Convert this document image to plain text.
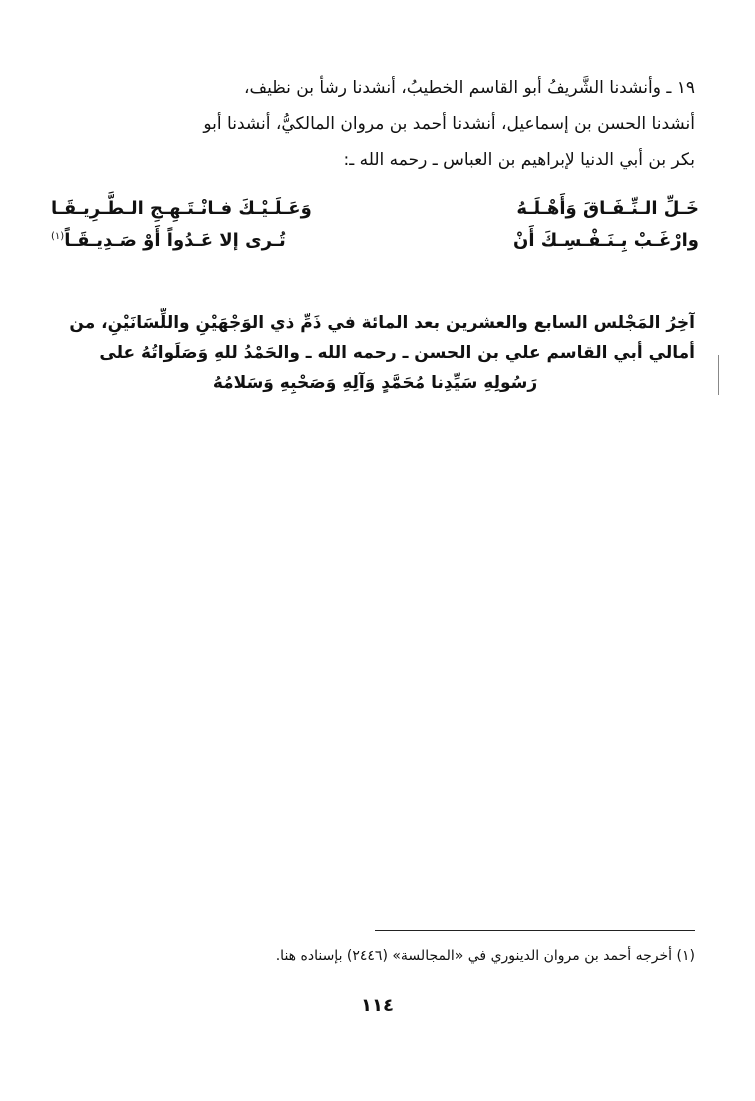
١٩ ـ وأنشدنا الشَّريفُ أبو القاسم الخطيبُ، أنشدنا رشأ بن نظيف،
أنشدنا الحسن بن إسماعيل، أنشدنا أحمد بن مروان المالكيُّ، أنشدنا أبو
بكر بن أبي الدنيا لإبراهيم بن العباس ـ رحمه الله ـ:
خَـلِّ الـنِّـفَـاقَ وَأَهْـلَـهُ
وَعَـلَـيْـكَ فـانْـتَـهِـجِ الـطَّـرِيـقَـا
وارْغَـبْ بِـنَـفْـسِـكَ أَنْ
تُـرى إلا عَـدُواً أَوْ صَـدِيـقَـاً$^{(١)}$
آخِرُ المَجْلس السابع والعشرين بعد المائة في ذَمِّ ذي الوَجْهَيْنِ واللِّسَانَيْنِ، من
أمالي أبي القاسم علي بن الحسن ـ رحمه الله ـ والحَمْدُ للهِ وَصَلَواتُهُ على
رَسُولِهِ سَيِّدِنا مُحَمَّدٍ وَآلِهِ وَصَحْبِهِ وَسَلامُهُ
(١) أخرجه أحمد بن مروان الدينوري في «المجالسة» (٢٤٤٦) بإسناده هنا.
١١٤
